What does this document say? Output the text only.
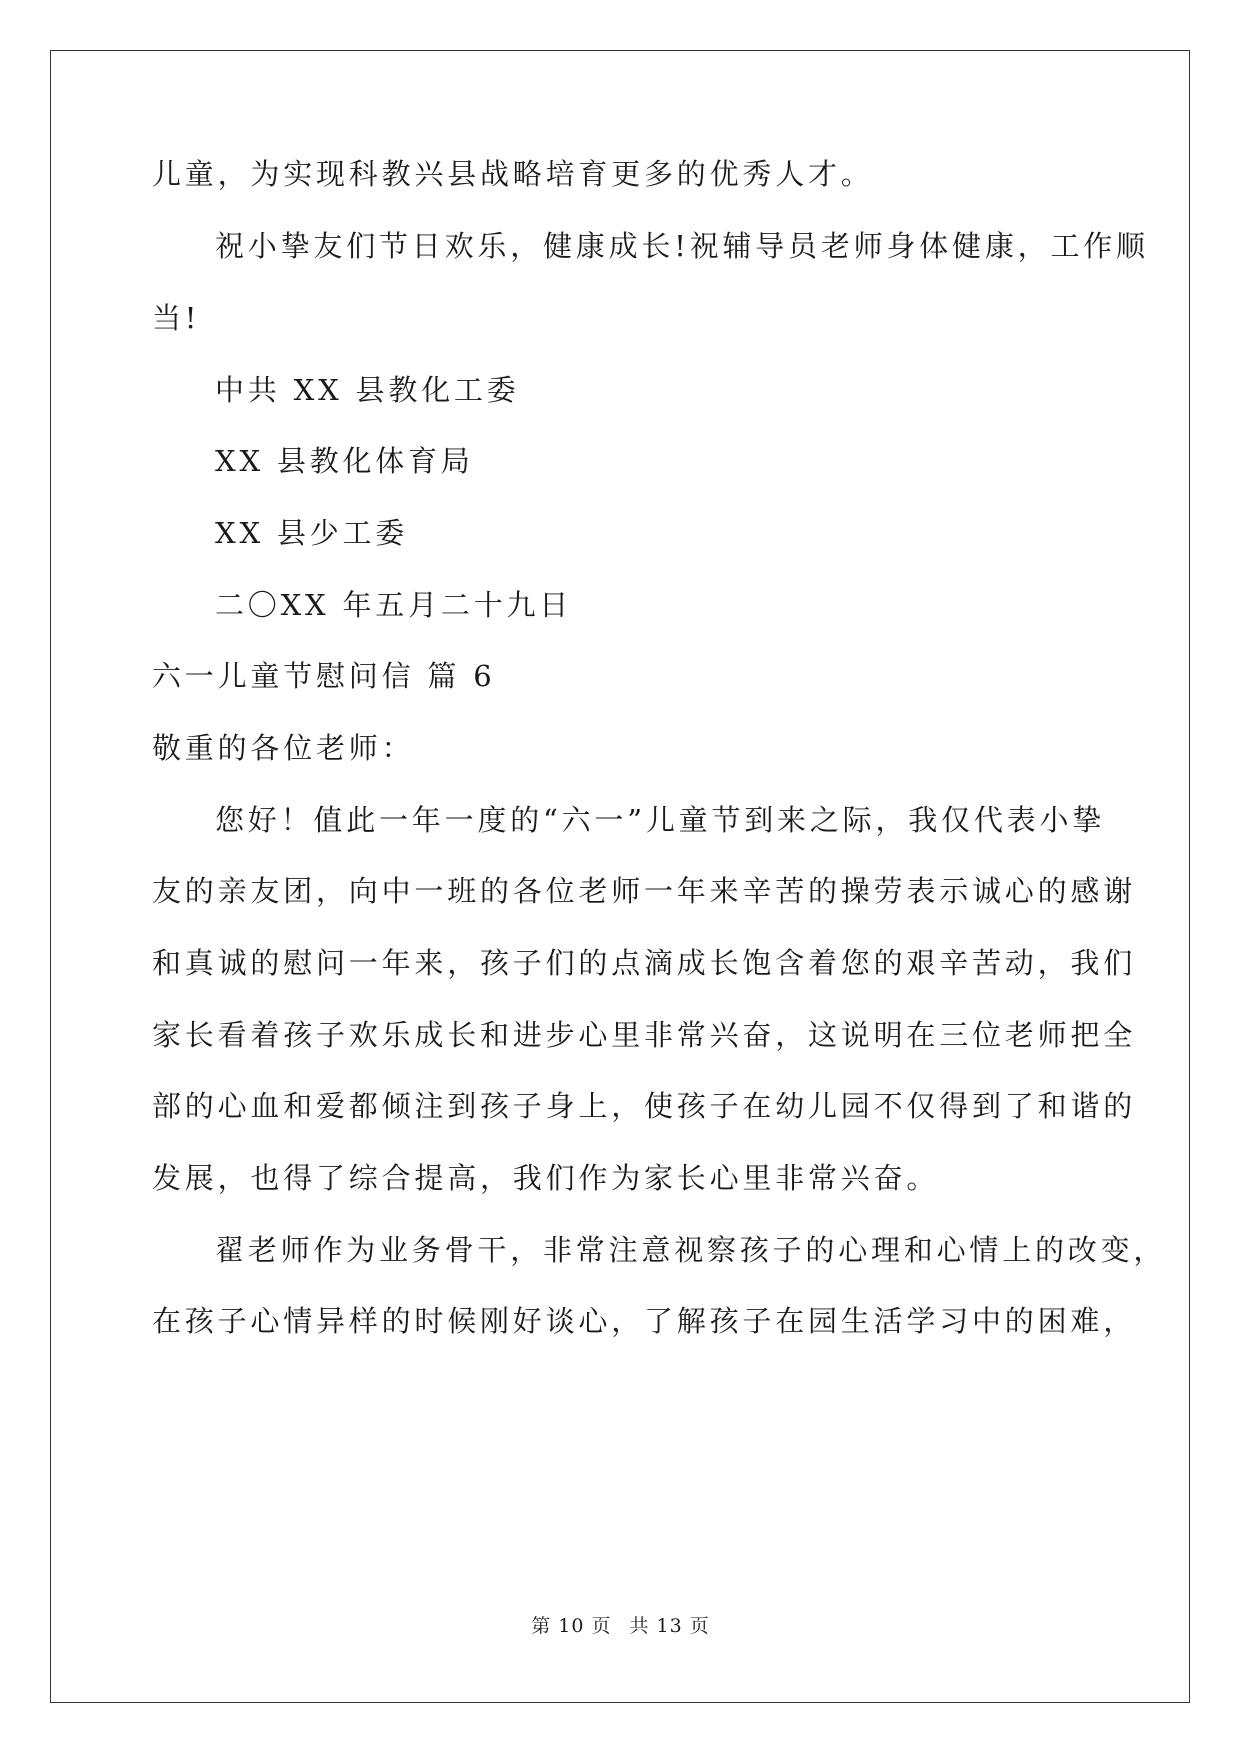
儿童，为实现科教兴县战略培育更多的优秀人才。
祝小挚友们节日欢乐，健康成长!祝辅导员老师身体健康，工作顺
当!
中共 XX 县教化工委
XX 县教化体育局
XX 县少工委
二〇XX 年五月二十九日
六一儿童节慰问信 篇 6
敬重的各位老师：
您好！值此一年一度的“六一”儿童节到来之际，我仅代表小挚
友的亲友团，向中一班的各位老师一年来辛苦的操劳表示诚心的感谢
和真诚的慰问一年来，孩子们的点滴成长饱含着您的艰辛苦动，我们
家长看着孩子欢乐成长和进步心里非常兴奋，这说明在三位老师把全
部的心血和爱都倾注到孩子身上，使孩子在幼儿园不仅得到了和谐的
发展，也得了综合提高，我们作为家长心里非常兴奋。
翟老师作为业务骨干，非常注意视察孩子的心理和心情上的改变，
在孩子心情异样的时候刚好谈心，了解孩子在园生活学习中的困难，
第 10 页 共 13 页
